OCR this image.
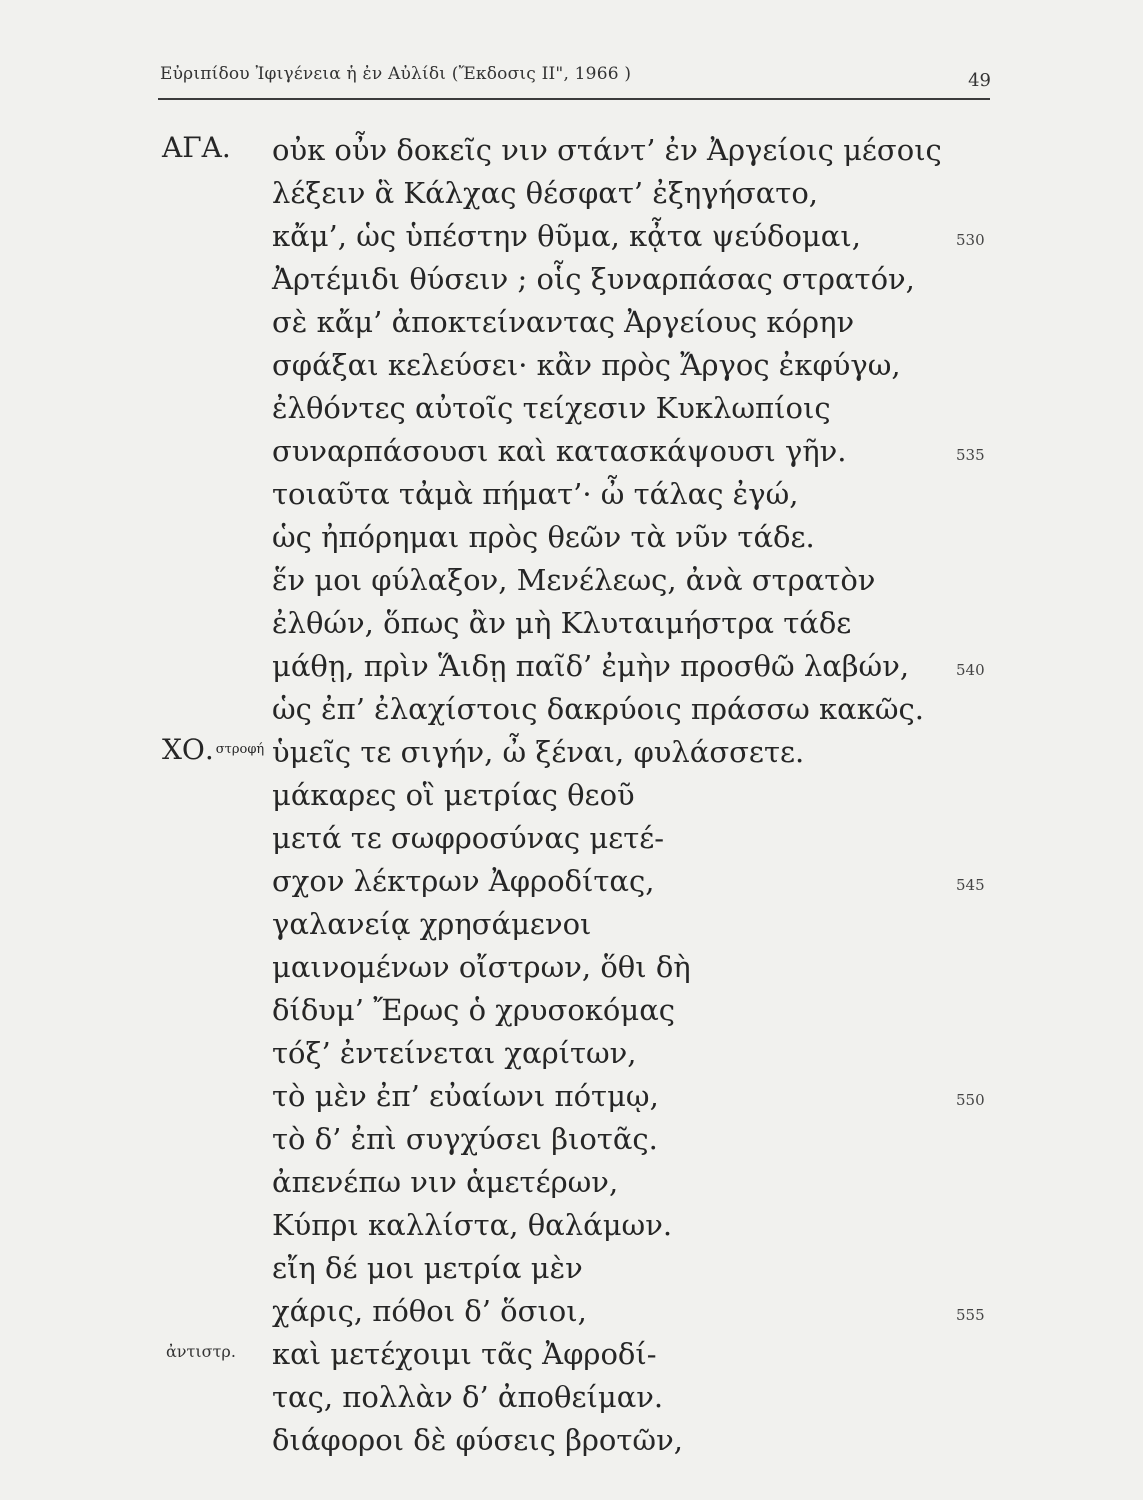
Εὐριπίδου Ἰφιγένεια ἡ ἐν Αὐλίδι (Ἔκδοσις ΙΙ", 1966 )	49
ΑΓΑ.
ΧΟ. στροφή
ἀντιστρ.
οὐκ οὖν δοκεῖς νιν στάντ’ ἐν Ἀργείοις μέσοις
λέξειν ἃ Κάλχας θέσφατ’ ἐξηγήσατο,
κἄμ’, ὡς ὑπέστην θῦμα, κᾆτα ψεύδομαι,
Ἀρτέμιδι θύσειν ; οἷς ξυναρπάσας στρατόν,
σὲ κἄμ’ ἀποκτείναντας Ἀργείους κόρην
σφάξαι κελεύσει· κἂν πρὸς Ἄργος ἐκφύγω,
ἐλθόντες αὐτοῖς τείχεσιν Κυκλωπίοις
συναρπάσουσι καὶ κατασκάψουσι γῆν.
τοιαῦτα τἀμὰ πήματ’· ὦ τάλας ἐγώ,
ὡς ἠπόρημαι πρὸς θεῶν τὰ νῦν τάδε.
ἕν μοι φύλαξον, Μενέλεως, ἀνὰ στρατὸν
ἐλθών, ὅπως ἂν μὴ Κλυταιμήστρα τάδε
μάθῃ, πρὶν Ἅιδῃ παῖδ’ ἐμὴν προσθῶ λαβών,
ὡς ἐπ’ ἐλαχίστοις δακρύοις πράσσω κακῶς.
ὑμεῖς τε σιγήν, ὦ ξέναι, φυλάσσετε.
μάκαρες οἳ μετρίας θεοῦ
μετά τε σωφροσύνας μετέ-
σχον λέκτρων Ἀφροδίτας,
γαλανείᾳ χρησάμενοι
μαινομένων οἴστρων, ὅθι δὴ
δίδυμ’ Ἔρως ὁ χρυσοκόμας
τόξ’ ἐντείνεται χαρίτων,
τὸ μὲν ἐπ’ εὐαίωνι πότμῳ,
τὸ δ’ ἐπὶ συγχύσει βιοτᾶς.
ἀπενέπω νιν ἁμετέρων,
Κύπρι καλλίστα, θαλάμων.
εἴη δέ μοι μετρία μὲν
χάρις, πόθοι δ’ ὅσιοι,
καὶ μετέχοιμι τᾶς Ἀφροδί-
τας, πολλὰν δ’ ἀποθείμαν.
διάφοροι δὲ φύσεις βροτῶν,
530
535
540
545
550
555
